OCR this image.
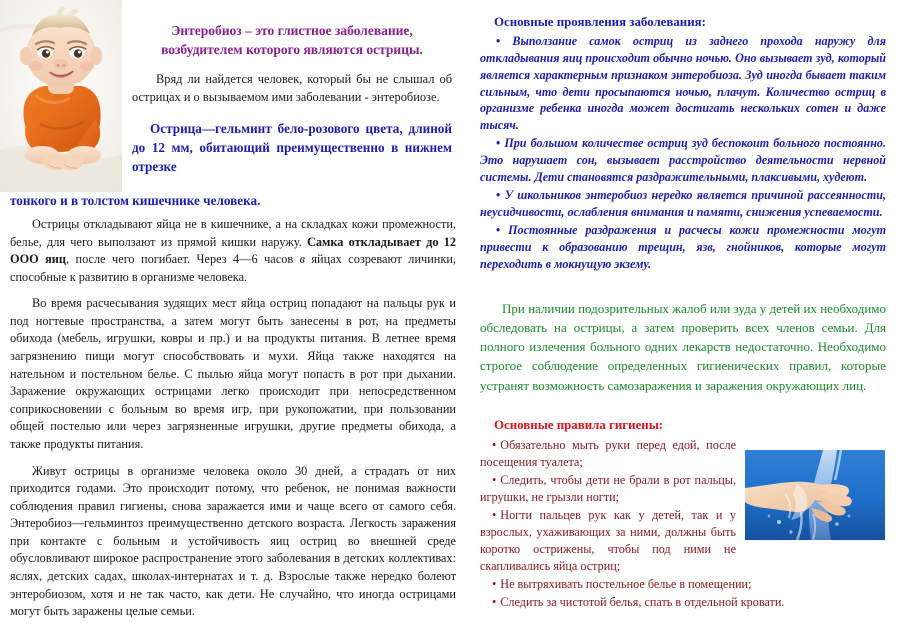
Энтеробиоз – это глистное заболевание, возбудителем которого являются острицы.

Вряд ли найдется человек, который бы не слышал об острицах и о вызываемом ими заболевании - энтеробиозе.

Острица—гельминт бело-розового цвета, длиной до 12 мм, обитающий преимущественно в нижнем отрезке

тонкого и в толстом кишечнике человека.

Острицы откладывают яйца не в кишечнике, а на складках кожи промежности, белье, для чего выползают из прямой кишки наружу. Самка откладывает до 12 ООО яиц, после чего погибает. Через 4—6 часов в яйцах созревают личинки, способные к развитию в организме человека.

Во время расчесывания зудящих мест яйца остриц попадают на пальцы рук и под ногтевые пространства, а затем могут быть занесены в рот, на предметы обихода (мебель, игрушки, ковры и пр.) и на продукты питания. В летнее время загрязнению пищи могут способствовать и мухи. Яйца также находятся на нательном и постельном белье. С пылью яйца могут попасть в рот при дыхании. Заражение окружающих острицами легко происходит при непосредственном соприкосновении с больным во время игр, при рукопожатии, при пользовании общей постелью или через загрязненные игрушки, другие предметы обихода, а также продукты питания.

Живут острицы в организме человека около 30 дней, а страдать от них приходится годами. Это происходит потому, что ребенок, не понимая важности соблюдения правил гигиены, снова заражается ими и чаще всего от самого себя. Энтеробиоз—гельминтоз преимущественно детского возраста. Легкость заражения при контакте с больным и устойчивость яиц остриц во внешней среде обусловливают широкое распространение этого заболевания в детских коллективах: яслях, детских садах, школах-интернатах и т. д. Взрослые также нередко болеют энтеробиозом, хотя и не так часто, как дети. Не случайно, что иногда острицами могут быть заражены целые семьи.

Основные проявления заболевания:

• Выползание самок остриц из заднего прохода наружу для откладывания яиц происходит обычно ночью. Оно вызывает зуд, который является характерным признаком энтеробиоза. Зуд иногда бывает таким сильным, что дети просыпаются ночью, плачут. Количество остриц в организме ребенка иногда может достигать нескольких сотен и даже тысяч.

• При большом количестве остриц зуд беспокоит больного постоянно. Это нарушает сон, вызывает расстройство деятельности нервной системы. Дети становятся раздражительными, плаксивыми, худеют.

• У школьников энтеробиоз нередко является причиной рассеянности, неусидчивости, ослабления внимания и памяти, снижения успеваемости.

• Постоянные раздражения и расчесы кожи промежности могут привести к образованию трещин, язв, гнойников, которые могут переходить в мокнущую экзему.

При наличии подозрительных жалоб или зуда у детей их необходимо обследовать на острицы, а затем проверить всех членов семьи. Для полного излечения больного одних лекарств недостаточно. Необходимо строгое соблюдение определенных гигиенических правил, которые устранят возможность самозаражения и заражения окружающих лиц.

Основные правила гигиены:
• Обязательно мыть руки перед едой, после посещения туалета;
• Следить, чтобы дети не брали в рот пальцы, игрушки, не грызли ногти;
• Ногти пальцев рук как у детей, так и у взрослых, ухаживающих за ними, должны быть коротко острижены, чтобы под ними не скапливались яйца остриц;
• Не вытряхивать постельное белье в помещении;
• Следить за чистотой белья, спать в отдельной кровати.
